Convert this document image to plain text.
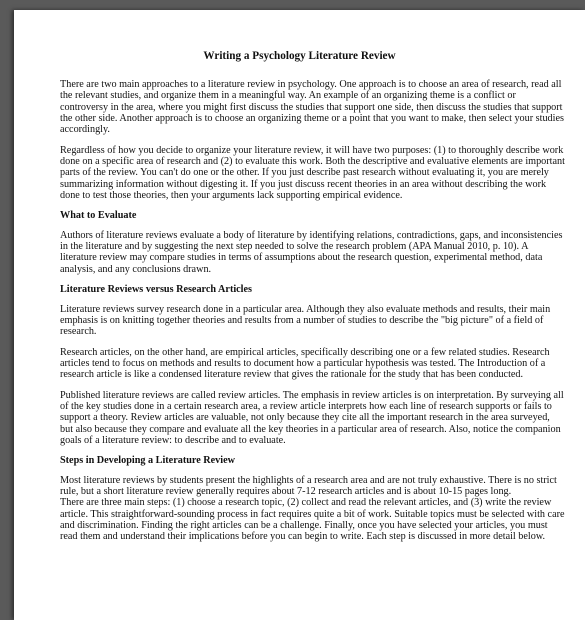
Writing a Psychology Literature Review

There are two main approaches to a literature review in psychology. One approach is to choose an area of research, read all the relevant studies, and organize them in a meaningful way. An example of an organizing theme is a conflict or controversy in the area, where you might first discuss the studies that support one side, then discuss the studies that support the other side. Another approach is to choose an organizing theme or a point that you want to make, then select your studies accordingly.

Regardless of how you decide to organize your literature review, it will have two purposes: (1) to thoroughly describe work done on a specific area of research and (2) to evaluate this work. Both the descriptive and evaluative elements are important parts of the review. You can't do one or the other. If you just describe past research without evaluating it, you are merely summarizing information without digesting it. If you just discuss recent theories in an area without describing the work done to test those theories, then your arguments lack supporting empirical evidence.

What to Evaluate

Authors of literature reviews evaluate a body of literature by identifying relations, contradictions, gaps, and inconsistencies in the literature and by suggesting the next step needed to solve the research problem (APA Manual 2010, p. 10). A literature review may compare studies in terms of assumptions about the research question, experimental method, data analysis, and any conclusions drawn.

Literature Reviews versus Research Articles

Literature reviews survey research done in a particular area. Although they also evaluate methods and results, their main emphasis is on knitting together theories and results from a number of studies to describe the "big picture" of a field of research.

Research articles, on the other hand, are empirical articles, specifically describing one or a few related studies. Research articles tend to focus on methods and results to document how a particular hypothesis was tested. The Introduction of a research article is like a condensed literature review that gives the rationale for the study that has been conducted.

Published literature reviews are called review articles. The emphasis in review articles is on interpretation. By surveying all of the key studies done in a certain research area, a review article interprets how each line of research supports or fails to support a theory. Review articles are valuable, not only because they cite all the important research in the area surveyed, but also because they compare and evaluate all the key theories in a particular area of research. Also, notice the companion goals of a literature review: to describe and to evaluate.

Steps in Developing a Literature Review

Most literature reviews by students present the highlights of a research area and are not truly exhaustive. There is no strict rule, but a short literature review generally requires about 7-12 research articles and is about 10-15 pages long.

There are three main steps: (1) choose a research topic, (2) collect and read the relevant articles, and (3) write the review article. This straightforward-sounding process in fact requires quite a bit of work. Suitable topics must be selected with care and discrimination. Finding the right articles can be a challenge. Finally, once you have selected your articles, you must read them and understand their implications before you can begin to write. Each step is discussed in more detail below.
